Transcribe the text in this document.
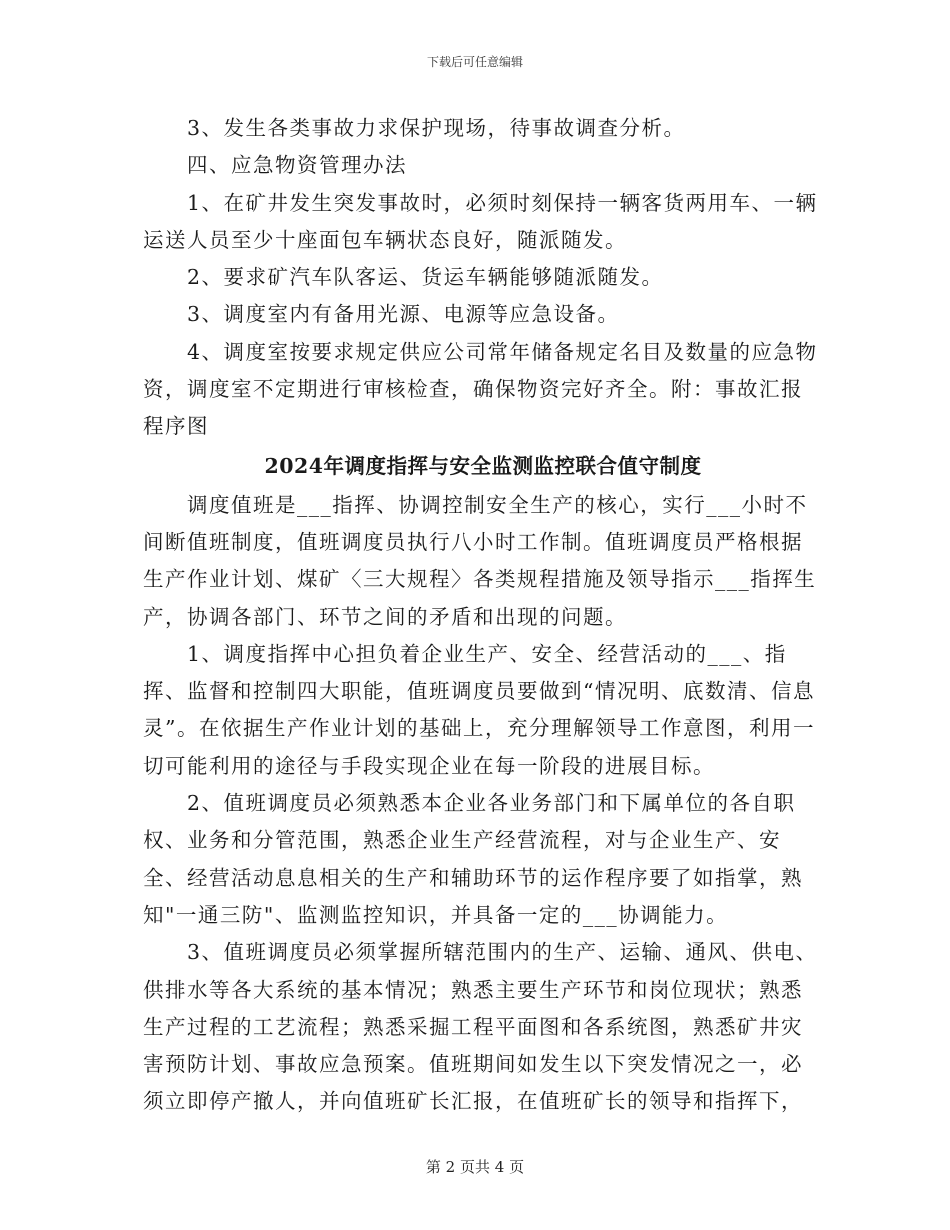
下载后可任意编辑

3、发生各类事故力求保护现场，待事故调查分析。

四、应急物资管理办法

1、在矿井发生突发事故时，必须时刻保持一辆客货两用车、一辆运送人员至少十座面包车辆状态良好，随派随发。

2、要求矿汽车队客运、货运车辆能够随派随发。

3、调度室内有备用光源、电源等应急设备。

4、调度室按要求规定供应公司常年储备规定名目及数量的应急物资，调度室不定期进行审核检查，确保物资完好齐全。附：事故汇报程序图

2024年调度指挥与安全监测监控联合值守制度

调度值班是___指挥、协调控制安全生产的核心，实行___小时不间断值班制度，值班调度员执行八小时工作制。值班调度员严格根据生产作业计划、煤矿〈三大规程〉各类规程措施及领导指示___指挥生产，协调各部门、环节之间的矛盾和出现的问题。

1、调度指挥中心担负着企业生产、安全、经营活动的___、指挥、监督和控制四大职能，值班调度员要做到“情况明、底数清、信息灵”。在依据生产作业计划的基础上，充分理解领导工作意图，利用一切可能利用的途径与手段实现企业在每一阶段的进展目标。

2、值班调度员必须熟悉本企业各业务部门和下属单位的各自职权、业务和分管范围，熟悉企业生产经营流程，对与企业生产、安全、经营活动息息相关的生产和辅助环节的运作程序要了如指掌，熟知"一通三防"、监测监控知识，并具备一定的___协调能力。

3、值班调度员必须掌握所辖范围内的生产、运输、通风、供电、供排水等各大系统的基本情况；熟悉主要生产环节和岗位现状；熟悉生产过程的工艺流程；熟悉采掘工程平面图和各系统图，熟悉矿井灾害预防计划、事故应急预案。值班期间如发生以下突发情况之一，必须立即停产撤人，并向值班矿长汇报，在值班矿长的领导和指挥下，

第 2 页共 4 页
